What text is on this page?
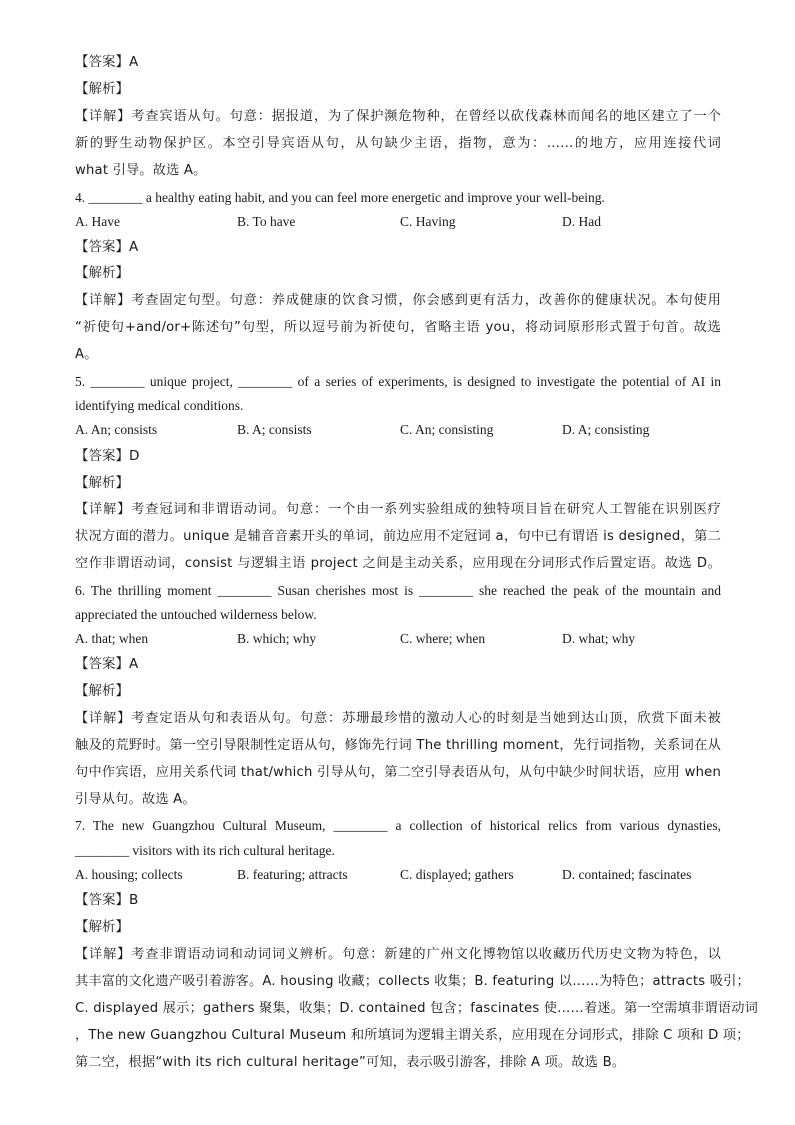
【答案】A
【解析】
【详解】考查宾语从句。句意：据报道，为了保护濒危物种，在曾经以砍伐森林而闻名的地区建立了一个
新的野生动物保护区。本空引导宾语从句，从句缺少主语，指物，意为：……的地方，应用连接代词
what 引导。故选 A。
4. ________ a healthy eating habit, and you can feel more energetic and improve your well-being.
A. Have	B. To have	C. Having	D. Had
【答案】A
【解析】
【详解】考查固定句型。句意：养成健康的饮食习惯，你会感到更有活力，改善你的健康状况。本句使用
“祈使句+and/or+陈述句”句型，所以逗号前为祈使句，省略主语 you，将动词原形形式置于句首。故选
A。
5. ________ unique project, ________ of a series of experiments, is designed to investigate the potential of AI in
identifying medical conditions.
A. An; consists	B. A; consists	C. An; consisting	D. A; consisting
【答案】D
【解析】
【详解】考查冠词和非谓语动词。句意：一个由一系列实验组成的独特项目旨在研究人工智能在识别医疗
状况方面的潜力。unique 是辅音音素开头的单词，前边应用不定冠词 a，句中已有谓语 is designed，第二
空作非谓语动词，consist 与逻辑主语 project 之间是主动关系，应用现在分词形式作后置定语。故选 D。
6. The thrilling moment ________ Susan cherishes most is ________ she reached the peak of the mountain and
appreciated the untouched wilderness below.
A. that; when	B. which; why	C. where; when	D. what; why
【答案】A
【解析】
【详解】考查定语从句和表语从句。句意：苏珊最珍惜的激动人心的时刻是当她到达山顶，欣赏下面未被
触及的荒野时。第一空引导限制性定语从句，修饰先行词 The thrilling moment，先行词指物，关系词在从
句中作宾语，应用关系代词 that/which 引导从句，第二空引导表语从句，从句中缺少时间状语，应用 when
引导从句。故选 A。
7. The new Guangzhou Cultural Museum, ________ a collection of historical relics from various dynasties,
________ visitors with its rich cultural heritage.
A. housing; collects	B. featuring; attracts	C. displayed; gathers	D. contained; fascinates
【答案】B
【解析】
【详解】考查非谓语动词和动词词义辨析。句意：新建的广州文化博物馆以收藏历代历史文物为特色，以
其丰富的文化遗产吸引着游客。A. housing 收藏；collects 收集；B. featuring 以……为特色；attracts 吸引；
C. displayed 展示；gathers 聚集，收集；D. contained 包含；fascinates 使……着迷。第一空需填非谓语动词
，The new Guangzhou Cultural Museum 和所填词为逻辑主谓关系，应用现在分词形式，排除 C 项和 D 项；
第二空，根据“with its rich cultural heritage”可知，表示吸引游客，排除 A 项。故选 B。
